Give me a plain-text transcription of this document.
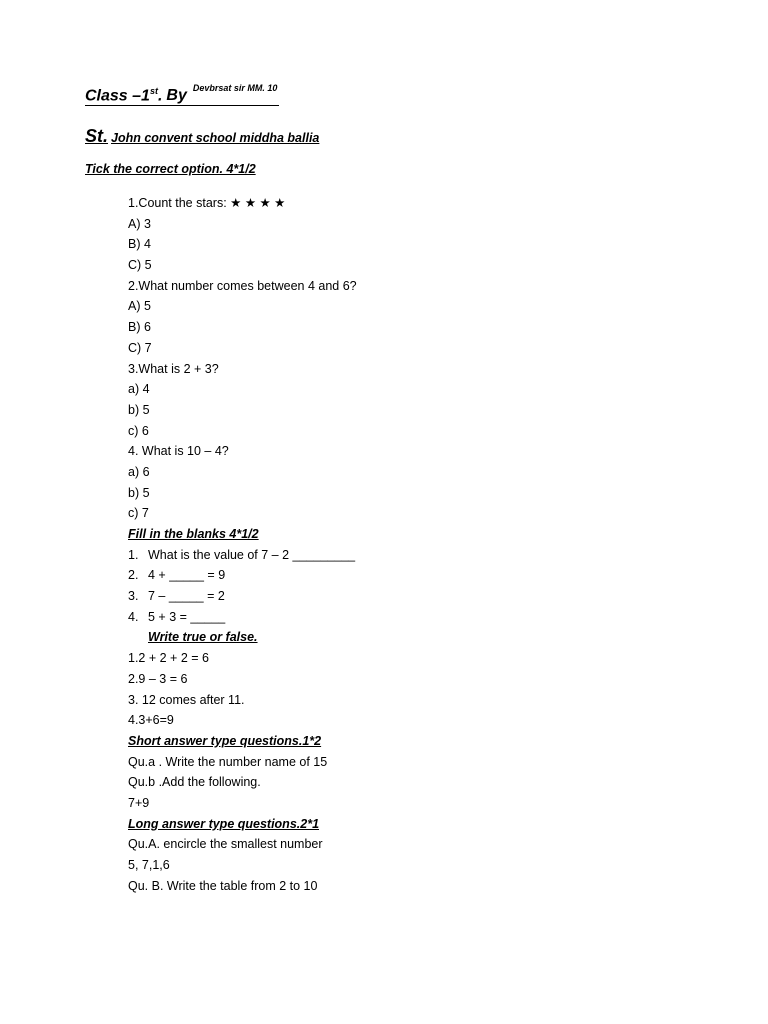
Class –1st. By Devbrsat sir MM. 10
St. John convent school middha ballia
Tick the correct option. 4*1/2
1.Count the stars: ★ ★ ★ ★
A) 3
B) 4
C) 5
2.What number comes between 4 and 6?
A) 5
B) 6
C) 7
3.What is 2 + 3?
a) 4
b) 5
c) 6
4. What is 10 – 4?
a) 6
b) 5
c) 7
Fill in the blanks 4*1/2
1. What is the value of 7 – 2 _________
2. 4 + _____ = 9
3. 7 – _____ = 2
4. 5 + 3 = _____
Write true or false.
1.2 + 2 + 2 = 6
2.9 – 3 = 6
3. 12 comes after 11.
4.3+6=9
Short answer type questions.1*2
Qu.a . Write the number name of 15
Qu.b .Add the following.
7+9
Long answer type questions.2*1
Qu.A. encircle the smallest number
5, 7,1,6
Qu. B. Write the table from 2 to 10
